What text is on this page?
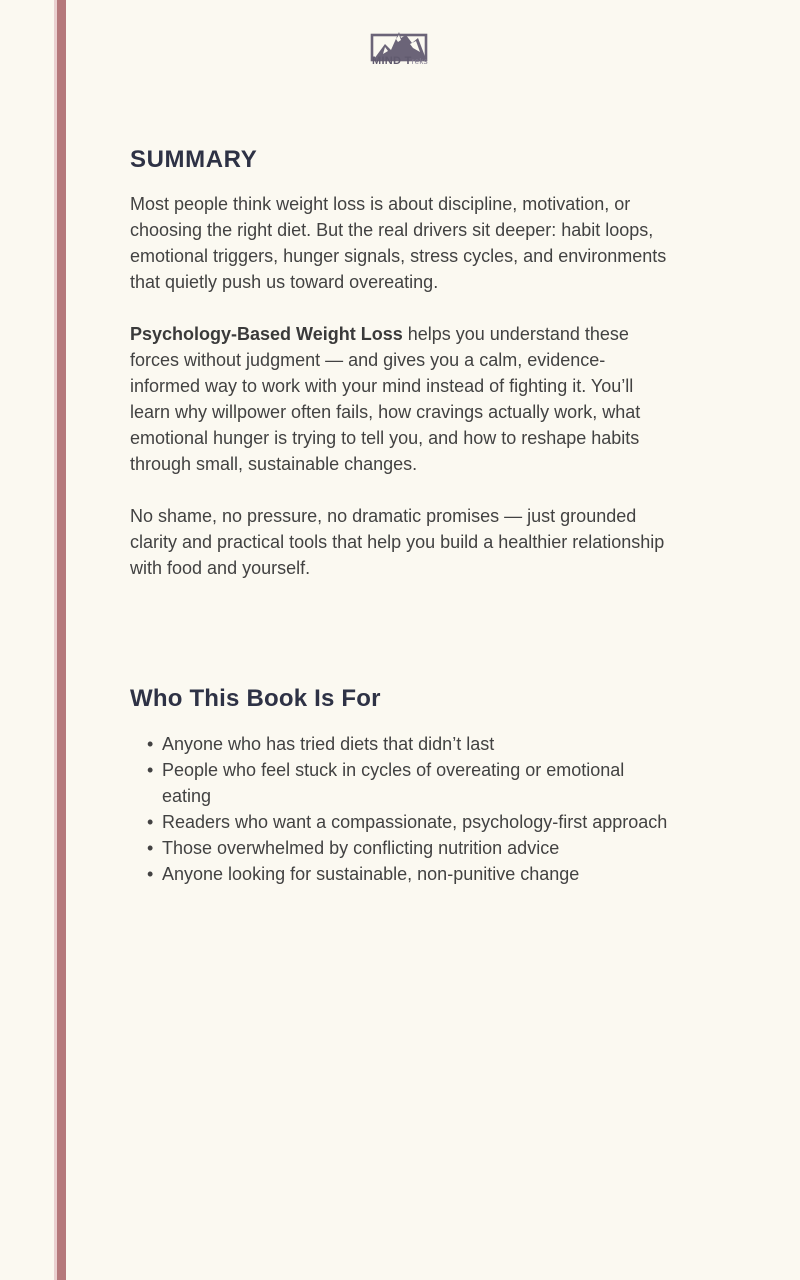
MIND Treks
SUMMARY

Most people think weight loss is about discipline, motivation, or choosing the right diet. But the real drivers sit deeper: habit loops, emotional triggers, hunger signals, stress cycles, and environments that quietly push us toward overeating.

Psychology-Based Weight Loss helps you understand these forces without judgment — and gives you a calm, evidence-informed way to work with your mind instead of fighting it. You’ll learn why willpower often fails, how cravings actually work, what emotional hunger is trying to tell you, and how to reshape habits through small, sustainable changes.

No shame, no pressure, no dramatic promises — just grounded clarity and practical tools that help you build a healthier relationship with food and yourself.

Who This Book Is For
• Anyone who has tried diets that didn’t last
• People who feel stuck in cycles of overeating or emotional eating
• Readers who want a compassionate, psychology-first approach
• Those overwhelmed by conflicting nutrition advice
• Anyone looking for sustainable, non-punitive change
